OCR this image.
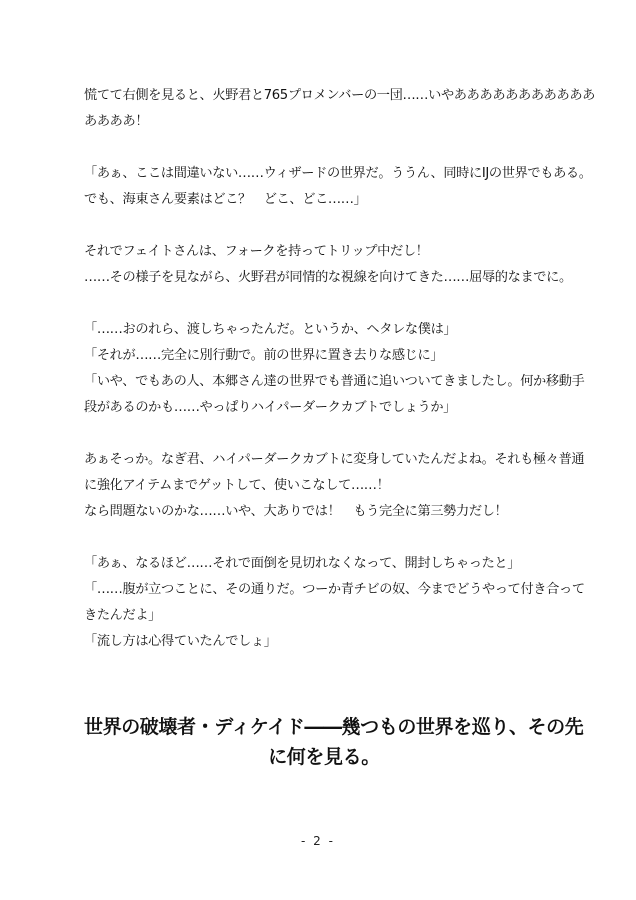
慌てて右側を見ると、火野君と765プロメンバーの一団……いやあああああああああああ
ああああ！
「あぁ、ここは間違いない……ウィザードの世界だ。ううん、同時にIJの世界でもある。
でも、海東さん要素はどこ？　どこ、どこ……」
それでフェイトさんは、フォークを持ってトリップ中だし！
……その様子を見ながら、火野君が同情的な視線を向けてきた……屈辱的なまでに。
「……おのれら、渡しちゃったんだ。というか、ヘタレな僕は」
「それが……完全に別行動で。前の世界に置き去りな感じに」
「いや、でもあの人、本郷さん達の世界でも普通に追いついてきましたし。何か移動手
段があるのかも……やっぱりハイパーダークカブトでしょうか」
あぁそっか。なぎ君、ハイパーダークカブトに変身していたんだよね。それも極々普通
に強化アイテムまでゲットして、使いこなして……！
なら問題ないのかな……いや、大ありでは！　もう完全に第三勢力だし！
「あぁ、なるほど……それで面倒を見切れなくなって、開封しちゃったと」
「……腹が立つことに、その通りだ。つーか青チビの奴、今までどうやって付き合って
きたんだよ」
「流し方は心得ていたんでしょ」
世界の破壊者・ディケイド――幾つもの世界を巡り、その先
に何を見る。
- 2 -
